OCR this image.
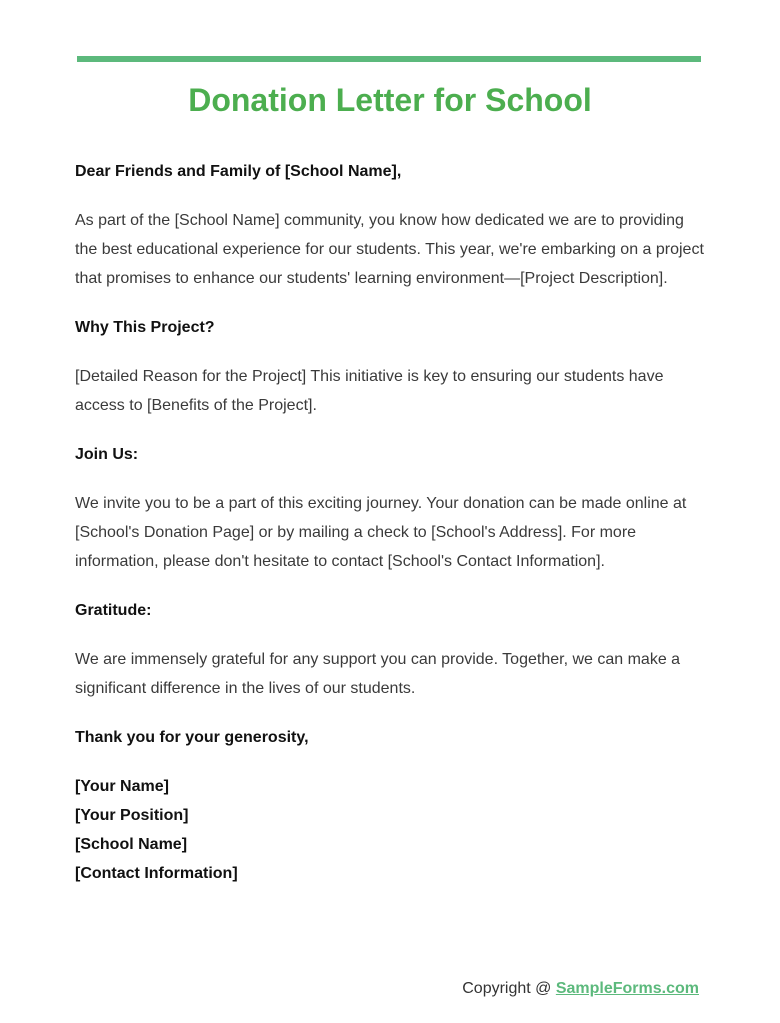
Donation Letter for School

Dear Friends and Family of [School Name],

As part of the [School Name] community, you know how dedicated we are to providing the best educational experience for our students. This year, we're embarking on a project that promises to enhance our students' learning environment—[Project Description].

Why This Project?

[Detailed Reason for the Project] This initiative is key to ensuring our students have access to [Benefits of the Project].

Join Us:

We invite you to be a part of this exciting journey. Your donation can be made online at [School's Donation Page] or by mailing a check to [School's Address]. For more information, please don't hesitate to contact [School's Contact Information].

Gratitude:

We are immensely grateful for any support you can provide. Together, we can make a significant difference in the lives of our students.

Thank you for your generosity,

[Your Name]
[Your Position]
[School Name]
[Contact Information]
Copyright @ SampleForms.com
